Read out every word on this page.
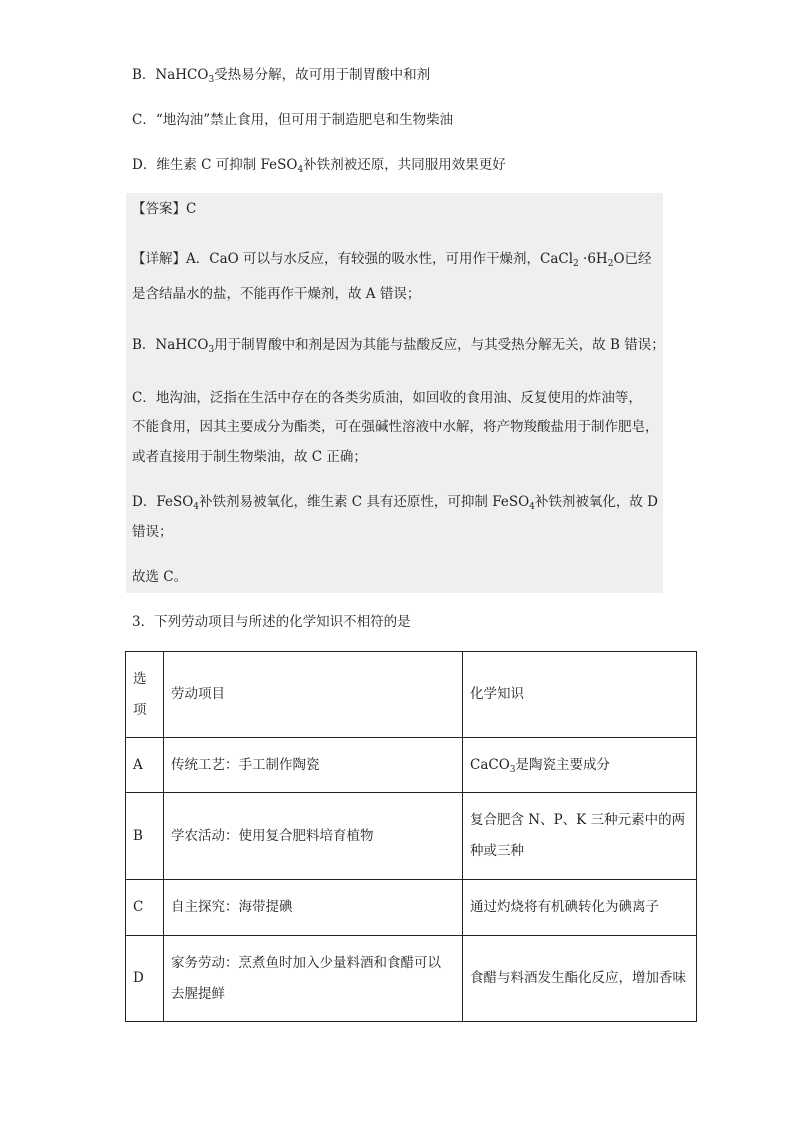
B．NaHCO$_3$受热易分解，故可用于制胃酸中和剂
C．“地沟油”禁止食用，但可用于制造肥皂和生物柴油
D．维生素 C 可抑制 FeSO$_4$补铁剂被还原，共同服用效果更好
【答案】C
【详解】A．CaO 可以与水反应，有较强的吸水性，可用作干燥剂，CaCl$_2$ $\cdot 6H_2O$已经
是含结晶水的盐，不能再作干燥剂，故 A 错误；
B．NaHCO$_3$用于制胃酸中和剂是因为其能与盐酸反应，与其受热分解无关，故 B 错误；
C．地沟油，泛指在生活中存在的各类劣质油，如回收的食用油、反复使用的炸油等，
不能食用，因其主要成分为酯类，可在强碱性溶液中水解，将产物羧酸盐用于制作肥皂，
或者直接用于制生物柴油，故 C 正确；
D．FeSO$_4$补铁剂易被氧化，维生素 C 具有还原性，可抑制 FeSO$_4$补铁剂被氧化，故 D
错误；
故选 C。
3．下列劳动项目与所述的化学知识不相符的是
选项	劳动项目	化学知识
A	传统工艺：手工制作陶瓷	CaCO$_3$是陶瓷主要成分
B	学农活动：使用复合肥料培育植物	复合肥含 N、P、K 三种元素中的两种或三种
C	自主探究：海带提碘	通过灼烧将有机碘转化为碘离子
D	家务劳动：烹煮鱼时加入少量料酒和食醋可以去腥提鲜	食醋与料酒发生酯化反应，增加香味
